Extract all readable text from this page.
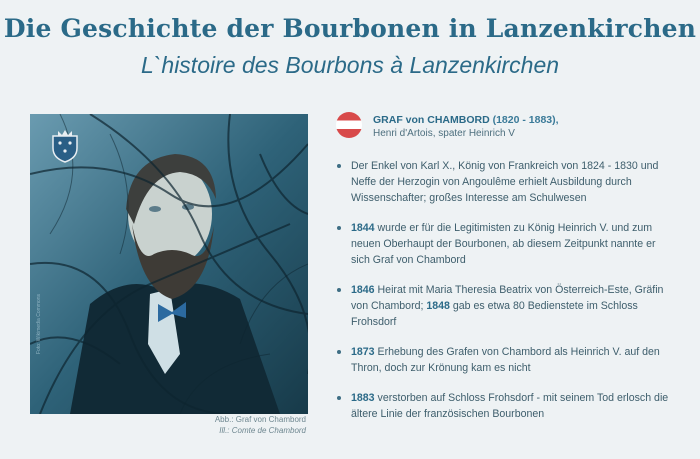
Die Geschichte der Bourbonen in Lanzenkirchen
L`histoire des Bourbons à Lanzenkirchen
Foto: Wikimedia Commons
Abb.: Graf von Chambord
Ill.: Comte de Chambord
GRAF von CHAMBORD (1820 - 1883),
Henri d'Artois, spater Heinrich V
Der Enkel von Karl X., König von Frankreich von 1824 - 1830 und Neffe der Herzogin von Angoulême erhielt Ausbildung durch Wissenschafter; großes Interesse am Schulwesen
1844 wurde er für die Legitimisten zu König Heinrich V. und zum neuen Oberhaupt der Bourbonen, ab diesem Zeitpunkt nannte er sich Graf von Chambord
1846 Heirat mit Maria Theresia Beatrix von Österreich-Este, Gräfin von Chambord; 1848 gab es etwa 80 Bedienstete im Schloss Frohsdorf
1873 Erhebung des Grafen von Chambord als Heinrich V. auf den Thron, doch zur Krönung kam es nicht
1883 verstorben auf Schloss Frohsdorf - mit seinem Tod erlosch die ältere Linie der französischen Bourbonen
